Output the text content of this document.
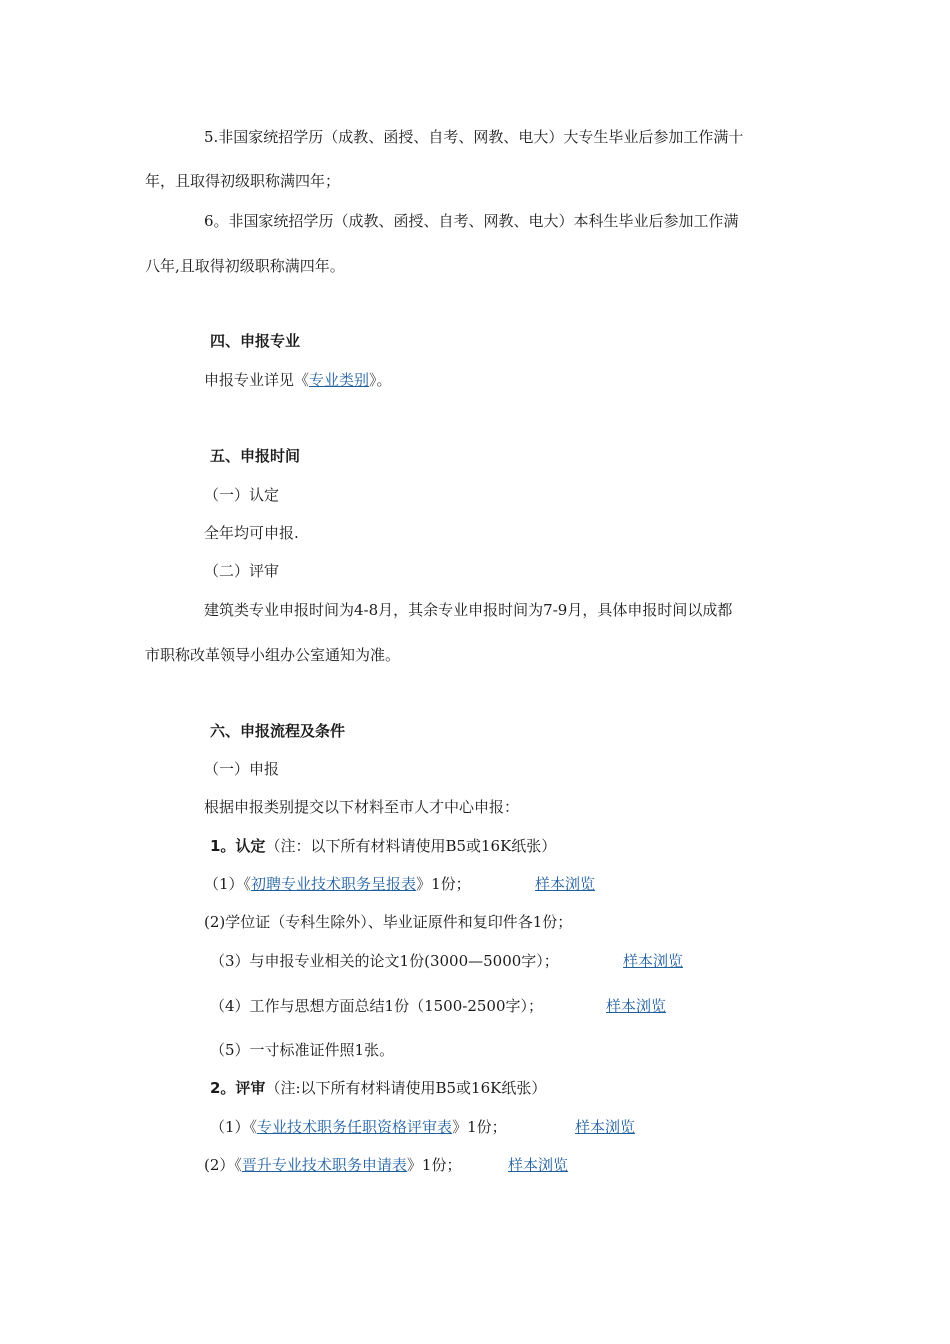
5.非国家统招学历（成教、函授、自考、网教、电大）大专生毕业后参加工作满十
年，且取得初级职称满四年；
6。非国家统招学历（成教、函授、自考、网教、电大）本科生毕业后参加工作满
八年,且取得初级职称满四年。
四、申报专业
申报专业详见《专业类别》。
五、申报时间
（一）认定
全年均可申报.
（二）评审
建筑类专业申报时间为4-8月，其余专业申报时间为7-9月，具体申报时间以成都
市职称改革领导小组办公室通知为准。
六、申报流程及条件
（一）申报
根据申报类别提交以下材料至市人才中心申报：
1。认定（注：以下所有材料请使用B5或16K纸张）
（1）《初聘专业技术职务呈报表》1份；	样本浏览
(2)学位证（专科生除外）、毕业证原件和复印件各1份；
（3）与申报专业相关的论文1份(3000—5000字）；	样本浏览
（4）工作与思想方面总结1份（1500-2500字）；	样本浏览
（5）一寸标准证件照1张。
2。评审（注:以下所有材料请使用B5或16K纸张）
（1）《专业技术职务任职资格评审表》1份；	样本浏览
(2）《晋升专业技术职务申请表》1份；	样本浏览
